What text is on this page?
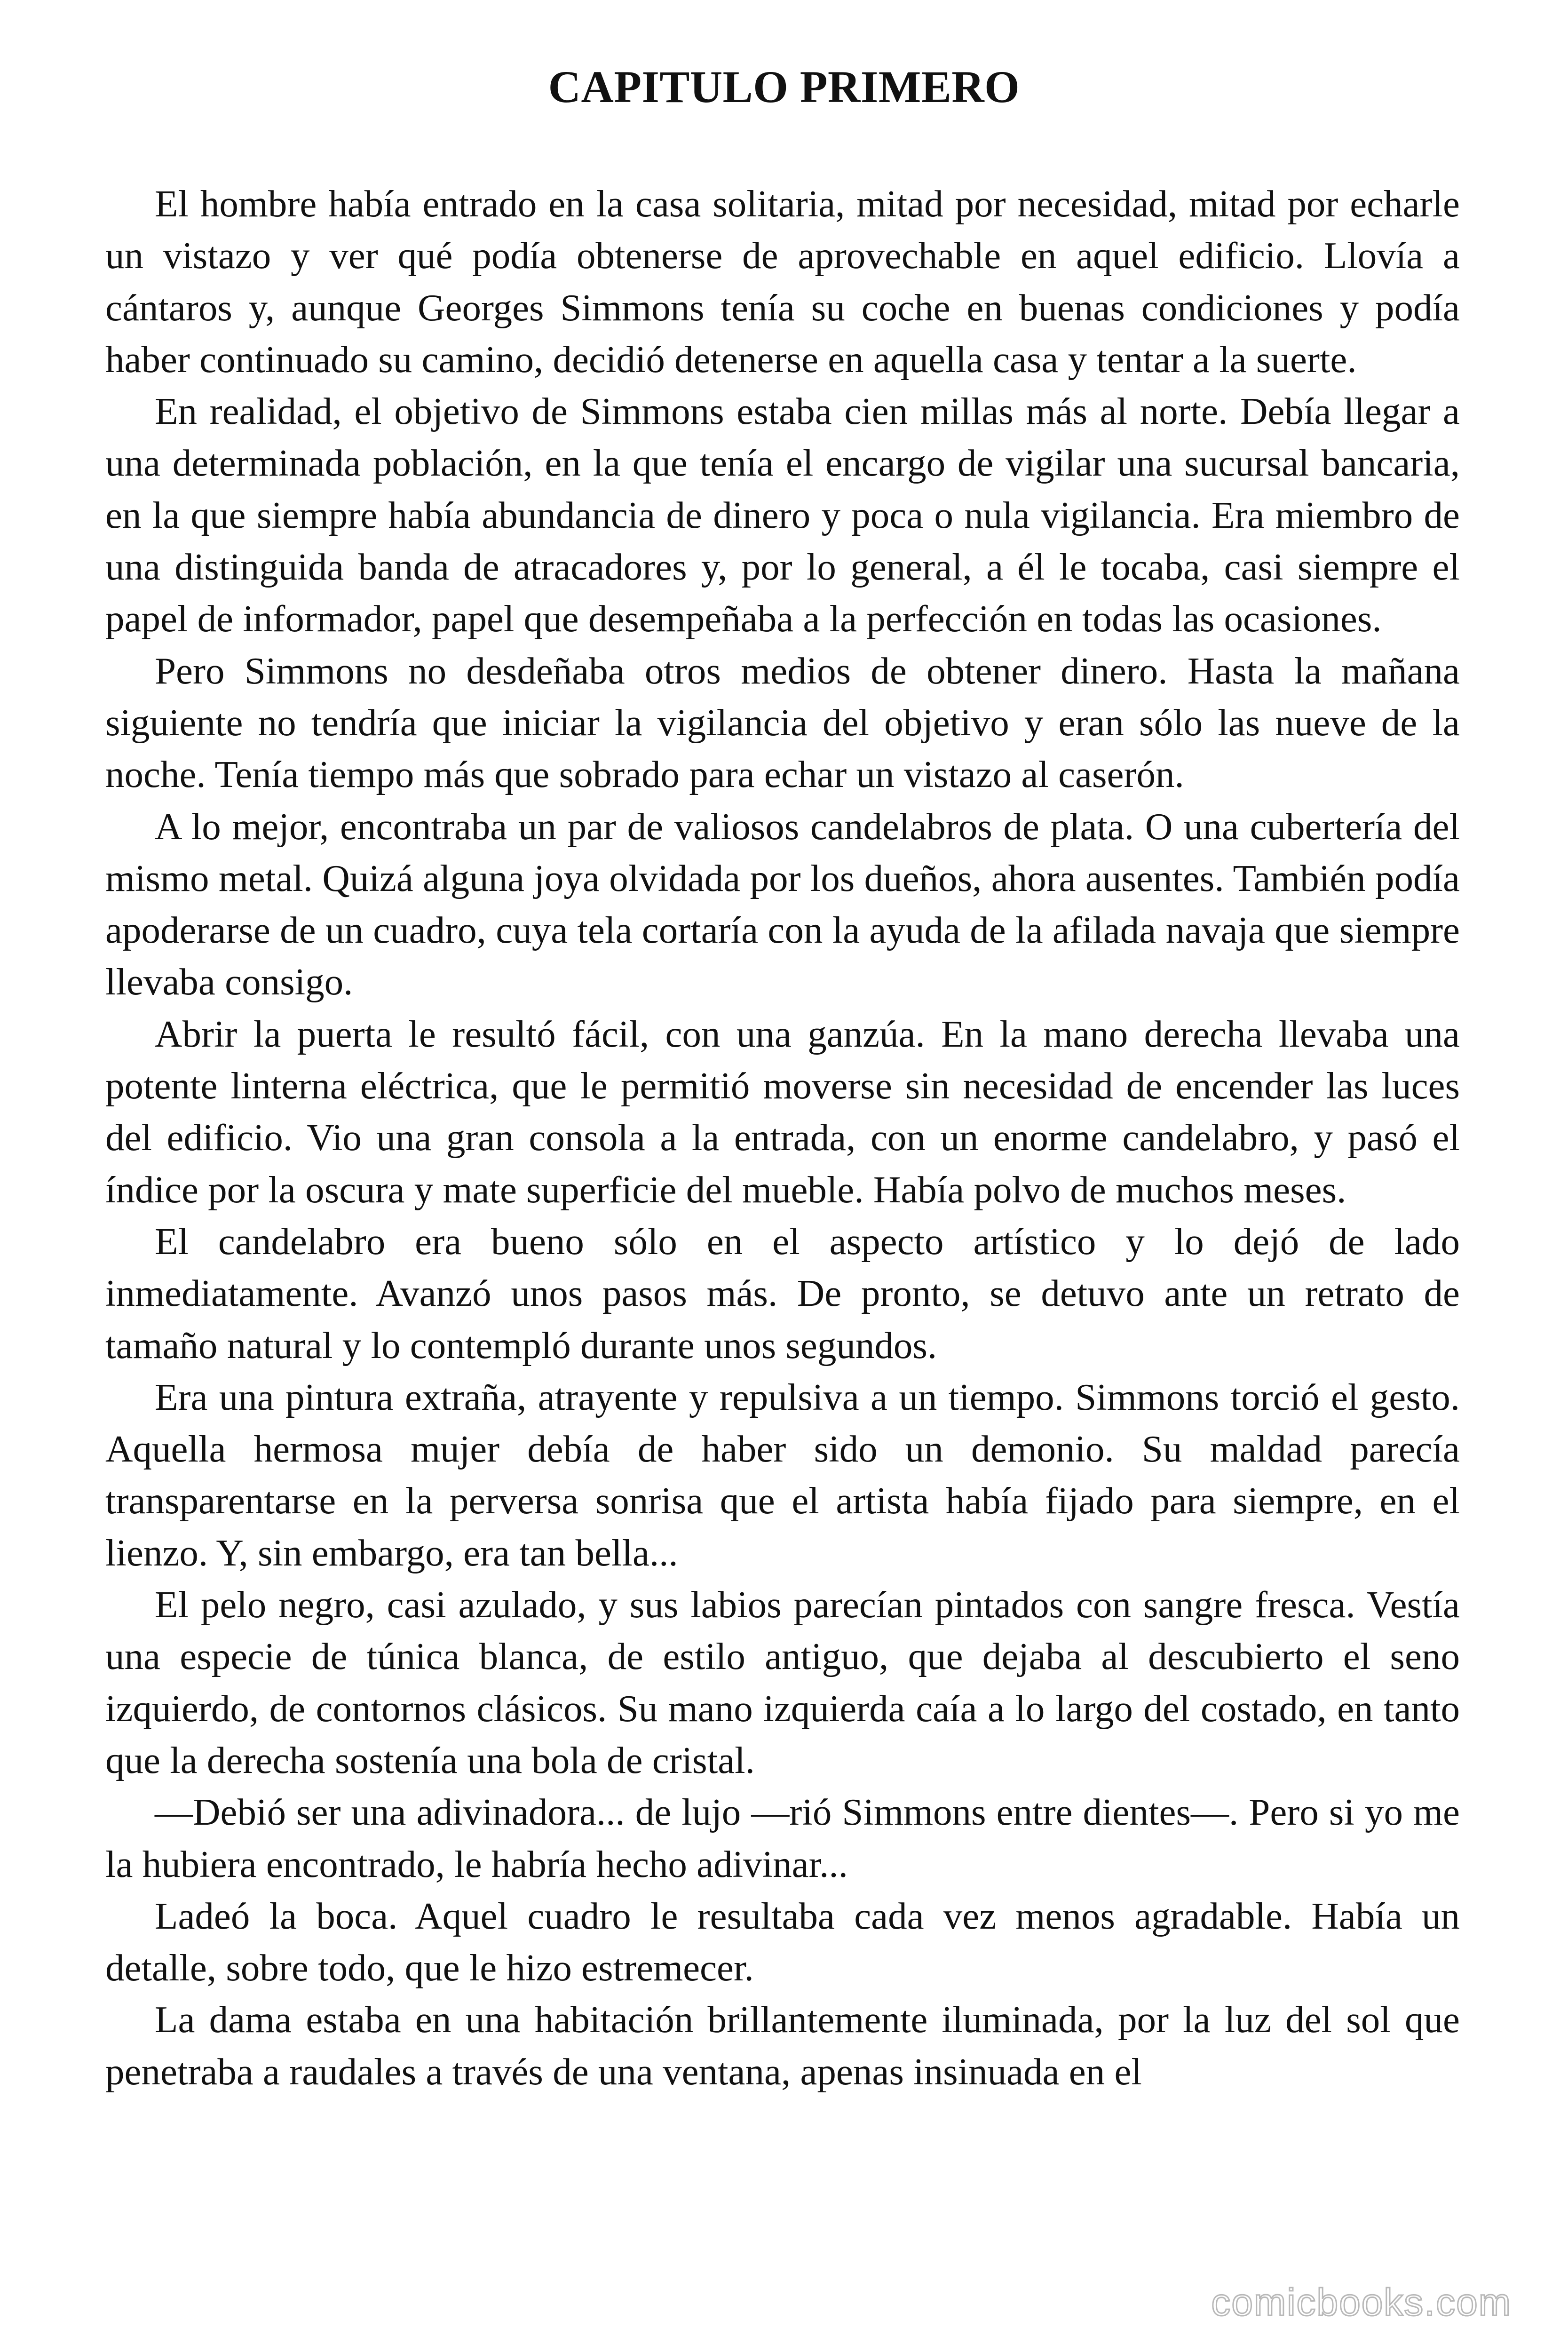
CAPITULO PRIMERO

El hombre había entrado en la casa solitaria, mitad por necesidad, mitad por echarle un vistazo y ver qué podía obtenerse de aprovechable en aquel edificio. Llovía a cántaros y, aunque Georges Simmons tenía su coche en buenas condiciones y podía haber continuado su camino, decidió detenerse en aquella casa y tentar a la suerte.

En realidad, el objetivo de Simmons estaba cien millas más al norte. Debía llegar a una determinada población, en la que tenía el encargo de vigilar una sucursal bancaria, en la que siempre había abundancia de dinero y poca o nula vigilancia. Era miembro de una distinguida banda de atracadores y, por lo general, a él le tocaba, casi siempre el papel de informador, papel que desempeñaba a la perfección en todas las ocasiones.

Pero Simmons no desdeñaba otros medios de obtener dinero. Hasta la mañana siguiente no tendría que iniciar la vigilancia del objetivo y eran sólo las nueve de la noche. Tenía tiempo más que sobrado para echar un vistazo al caserón.

A lo mejor, encontraba un par de valiosos candelabros de plata. O una cubertería del mismo metal. Quizá alguna joya olvidada por los dueños, ahora ausentes. También podía apoderarse de un cuadro, cuya tela cortaría con la ayuda de la afilada navaja que siempre llevaba consigo.

Abrir la puerta le resultó fácil, con una ganzúa. En la mano derecha llevaba una potente linterna eléctrica, que le permitió moverse sin necesidad de encender las luces del edificio. Vio una gran consola a la entrada, con un enorme candelabro, y pasó el índice por la oscura y mate superficie del mueble. Había polvo de muchos meses.

El candelabro era bueno sólo en el aspecto artístico y lo dejó de lado inmediatamente. Avanzó unos pasos más. De pronto, se detuvo ante un retrato de tamaño natural y lo contempló durante unos segundos.

Era una pintura extraña, atrayente y repulsiva a un tiempo. Simmons torció el gesto. Aquella hermosa mujer debía de haber sido un demonio. Su maldad parecía transparentarse en la perversa sonrisa que el artista había fijado para siempre, en el lienzo. Y, sin embargo, era tan bella...

El pelo negro, casi azulado, y sus labios parecían pintados con sangre fresca. Vestía una especie de túnica blanca, de estilo antiguo, que dejaba al descubierto el seno izquierdo, de contornos clásicos. Su mano izquierda caía a lo largo del costado, en tanto que la derecha sostenía una bola de cristal.

—Debió ser una adivinadora... de lujo —rió Simmons entre dientes—. Pero si yo me la hubiera encontrado, le habría hecho adivinar...

Ladeó la boca. Aquel cuadro le resultaba cada vez menos agradable. Había un detalle, sobre todo, que le hizo estremecer.

La dama estaba en una habitación brillantemente iluminada, por la luz del sol que penetraba a raudales a través de una ventana, apenas insinuada en el

comicbooks.com
